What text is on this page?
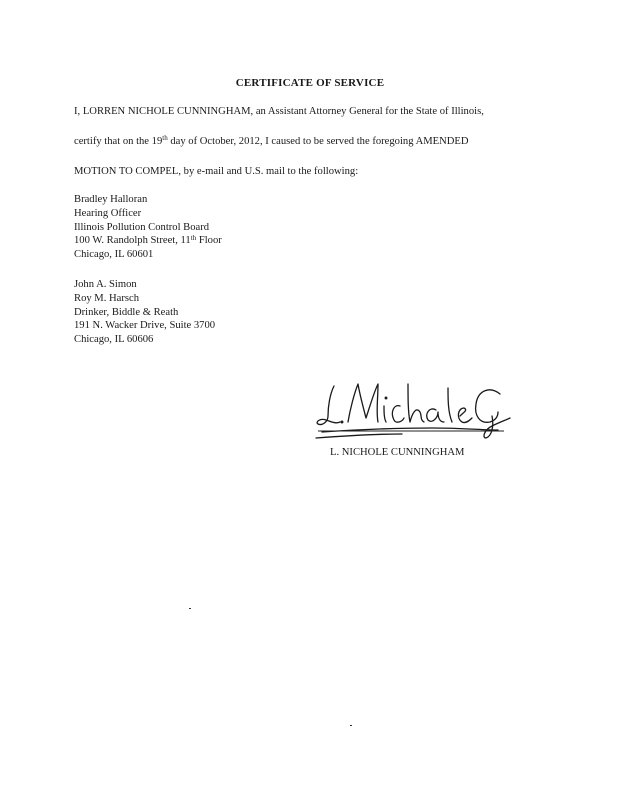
CERTIFICATE OF SERVICE
I, LORREN NICHOLE CUNNINGHAM, an Assistant Attorney General for the State of Illinois,
certify that on the 19th day of October, 2012, I caused to be served the foregoing AMENDED
MOTION TO COMPEL, by e-mail and U.S. mail to the following:
Bradley Halloran
Hearing Officer
Illinois Pollution Control Board
100 W. Randolph Street, 11th Floor
Chicago, IL 60601
John A. Simon
Roy M. Harsch
Drinker, Biddle & Reath
191 N. Wacker Drive, Suite 3700
Chicago, IL 60606
L. NICHOLE CUNNINGHAM
